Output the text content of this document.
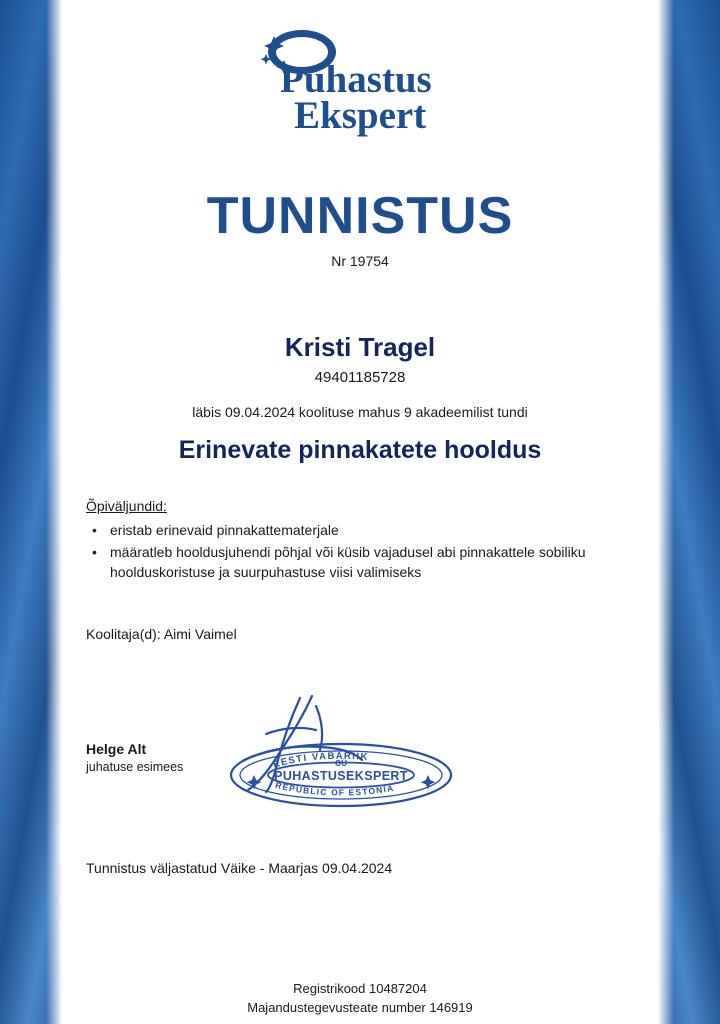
Puhastus
Ekspert
TUNNISTUS
Nr 19754
Kristi Tragel
49401185728
läbis 09.04.2024 koolituse mahus 9 akadeemilist tundi
Erinevate pinnakatete hooldus
Õpiväljundid:
• eristab erinevaid pinnakattematerjale
• määratleb hooldusjuhendi põhjal või küsib vajadusel abi pinnakattele sobiliku hoolduskoristuse ja suurpuhastuse viisi valimiseks
Koolitaja(d): Aimi Vaimel
Helge Alt
juhatuse esimees	EESTI VABARIIK
REPUBLIC OF ESTONIA
OÜ
PUHASTUSEKSPERT
Tunnistus väljastatud Väike - Maarjas 09.04.2024
Registrikood 10487204
Majandustegevusteate number 146919
